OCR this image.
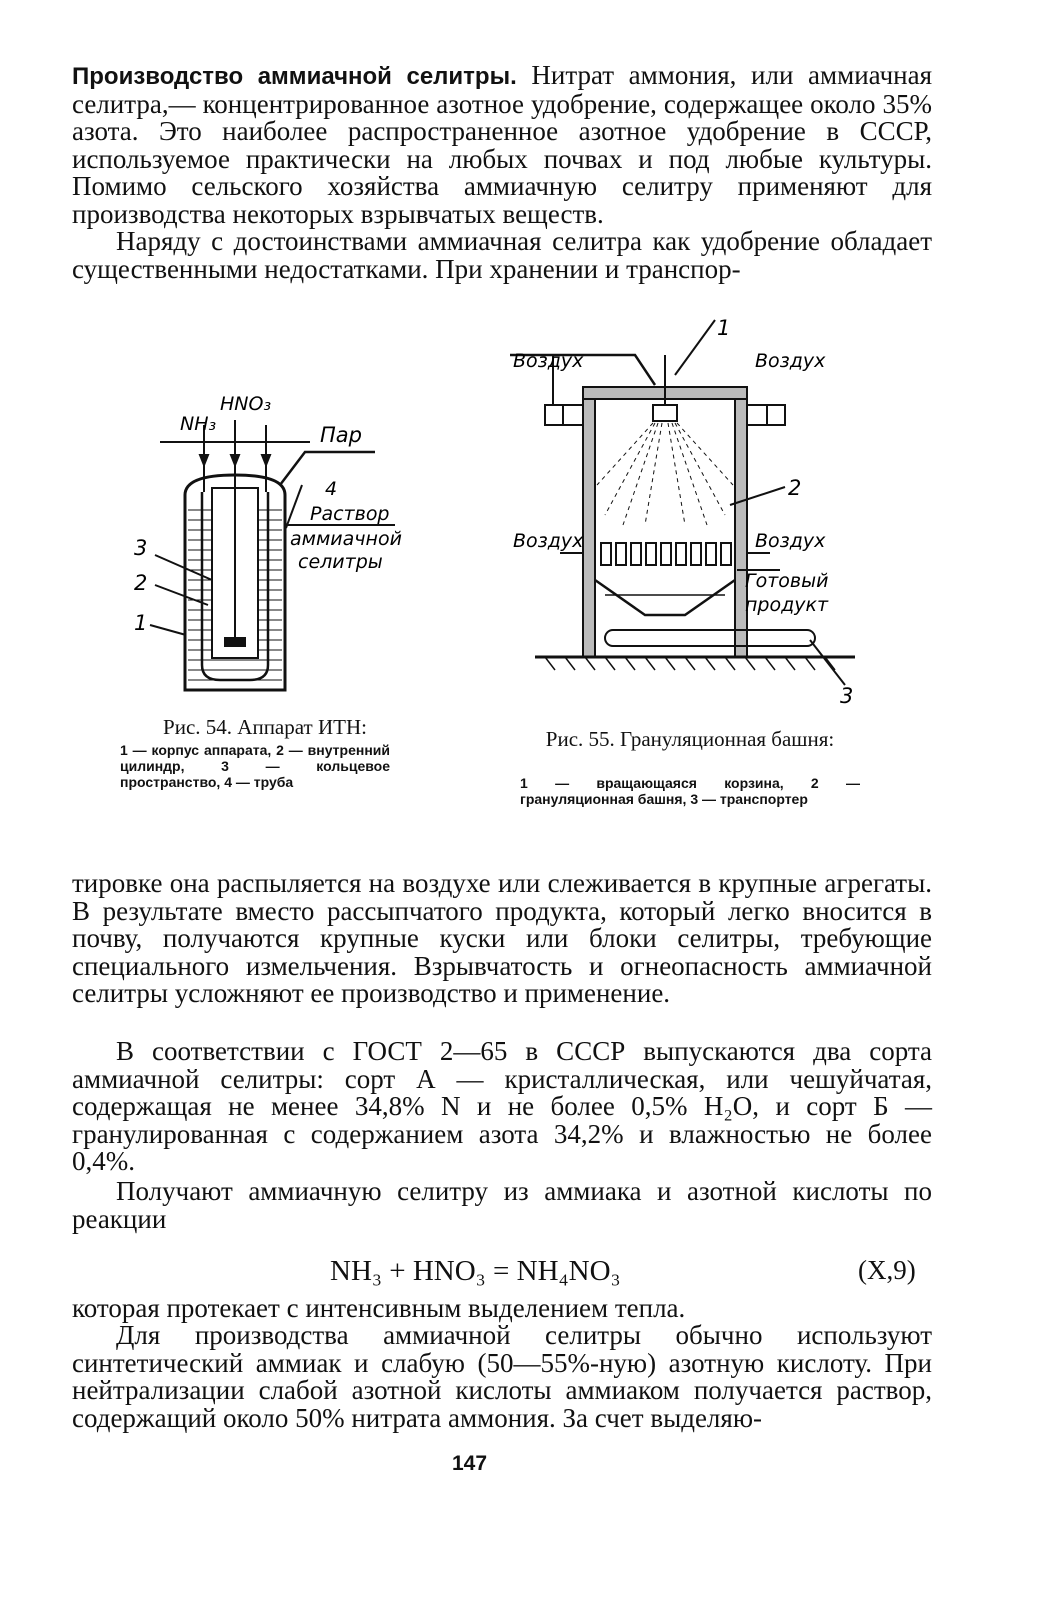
Производство аммиачной селитры. Нитрат аммония, или аммиачная селитра,— концентрированное азотное удобрение, содержащее около 35% азота. Это наиболее распространенное азотное удобрение в СССР, используемое практически на любых почвах и под любые культуры. Помимо сельского хозяйства аммиачную селитру применяют для производства некоторых взрывчатых веществ.

Наряду с достоинствами аммиачная селитра как удобрение обладает существенными недостатками. При хранении и транспор-

NH₃
HNO₃
Пар
4
Раствор
аммиачной
селитры
3
2
1
Рис. 54. Аппарат ИТН:
1 — корпус аппарата, 2 — внутренний цилиндр, 3 — кольцевое пространство, 4 — труба
1
Воздух	Воздух
Воздух	Воздух
2
Готовый
продукт
3
Рис. 55. Грануляционная башня:
1 — вращающаяся корзина, 2 — грануляционная башня, 3 — транспортер

тировке она распыляется на воздухе или слеживается в крупные агрегаты. В результате вместо рассыпчатого продукта, который легко вносится в почву, получаются крупные куски или блоки селитры, требующие специального измельчения. Взрывчатость и огнеопасность аммиачной селитры усложняют ее производство и применение.

В соответствии с ГОСТ 2—65 в СССР выпускаются два сорта аммиачной селитры: сорт А — кристаллическая, или чешуйчатая, содержащая не менее 34,8% N и не более 0,5% H₂O, и сорт Б — гранулированная с содержанием азота 34,2% и влажностью не более 0,4%.

Получают аммиачную селитру из аммиака и азотной кислоты по реакции

NH₃ + HNO₃ = NH₄NO₃	(X,9)

которая протекает с интенсивным выделением тепла.

Для производства аммиачной селитры обычно используют синтетический аммиак и слабую (50—55%-ную) азотную кислоту. При нейтрализации слабой азотной кислоты аммиаком получается раствор, содержащий около 50% нитрата аммония. За счет выделяю-

147
